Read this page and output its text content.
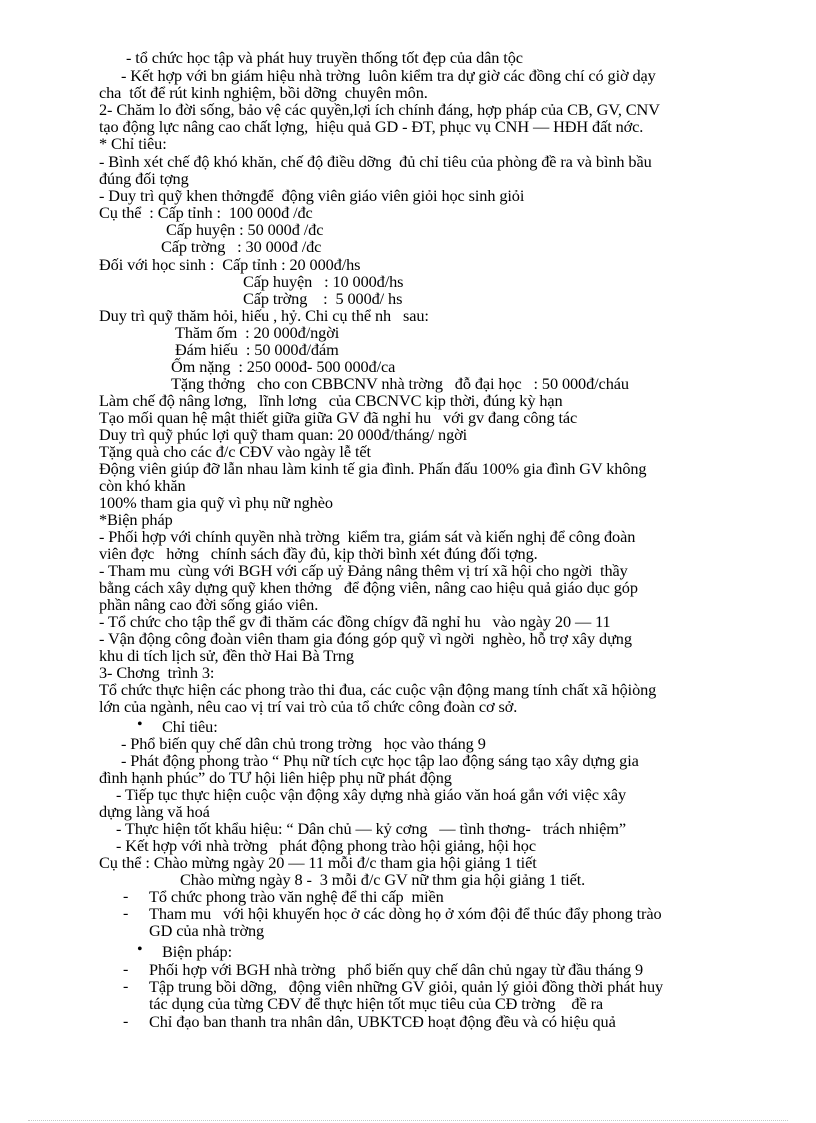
- tổ chức học tập và phát huy truyền thống tốt đẹp của dân tộc
- Kết hợp với bn giám hiệu nhà trờng  luôn kiểm tra dự giờ các đồng chí có giờ dạy
cha  tốt để rút kinh nghiệm, bồi dỡng  chuyên môn.
2- Chăm lo đời sống, bảo vệ các quyền,lợi ích chính đáng, hợp pháp của CB, GV, CNV
tạo động lực nâng cao chất lợng,  hiệu quả GD - ĐT, phục vụ CNH — HĐH đất nớc.
* Chỉ tiêu:
- Bình xét chế độ khó khăn, chế độ điều dỡng  đủ chỉ tiêu của phòng đề ra và bình bầu
đúng đối tợng
- Duy trì quỹ khen thởngđể  động viên giáo viên giỏi học sinh giỏi
Cụ thể  : Cấp tỉnh :  100 000đ /đc
Cấp huyện : 50 000đ /đc
Cấp trờng   : 30 000đ /đc
Đối với học sinh :  Cấp tỉnh : 20 000đ/hs
Cấp huyện   : 10 000đ/hs
Cấp trờng    :  5 000đ/ hs
Duy trì quỹ thăm hỏi, hiếu , hỷ. Chi cụ thể nh   sau:
Thăm ốm  : 20 000đ/ngời
Đám hiếu  : 50 000đ/đám
Ốm nặng  : 250 000đ- 500 000đ/ca
Tặng thởng   cho con CBBCNV nhà trờng   đỗ đại học   : 50 000đ/cháu
Làm chế độ nâng lơng,   lĩnh lơng   của CBCNVC kịp thời, đúng kỳ hạn
Tạo mối quan hệ mật thiết giữa giữa GV đã nghỉ hu   với gv đang công tác
Duy trì quỹ phúc lợi quỹ tham quan: 20 000đ/tháng/ ngời
Tặng quà cho các đ/c CĐV vào ngày lễ tết
Động viên giúp đỡ lẫn nhau làm kinh tế gia đình. Phấn đấu 100% gia đình GV không
còn khó khăn
100% tham gia quỹ vì phụ nữ nghèo
*Biện pháp
- Phối hợp với chính quyền nhà trờng  kiểm tra, giám sát và kiến nghị để công đoàn
viên đợc   hởng   chính sách đầy đủ, kịp thời bình xét đúng đối tợng.
- Tham mu  cùng với BGH với cấp uỷ Đảng nâng thêm vị trí xã hội cho ngời  thầy
bằng cách xây dựng quỹ khen thởng   để động viên, nâng cao hiệu quả giáo dục góp
phần nâng cao đời sống giáo viên.
- Tổ chức cho tập thể gv đi thăm các đồng chígv đã nghỉ hu   vào ngày 20 — 11
- Vận động công đoàn viên tham gia đóng góp quỹ vì ngời  nghèo, hỗ trợ xây dựng
khu di tích lịch sử, đền thờ Hai Bà Trng
3- Chơng  trình 3:
Tổ chức thực hiện các phong trào thi đua, các cuộc vận động mang tính chất xã hộiòng
lớn của ngành, nêu cao vị trí vai trò của tổ chức công đoàn cơ sở.
• Chỉ tiêu:
- Phổ biến quy chế dân chủ trong trờng   học vào tháng 9
- Phát động phong trào “ Phụ nữ tích cực học tập lao động sáng tạo xây dựng gia
đình hạnh phúc” do TƯ hội liên hiệp phụ nữ phát động
- Tiếp tục thực hiện cuộc vận động xây dựng nhà giáo văn hoá gắn với việc xây
dựng làng vă hoá
- Thực hiện tốt khẩu hiệu: “ Dân chủ — kỷ cơng   — tình thơng-   trách nhiệm”
- Kết hợp với nhà trờng   phát động phong trào hội giảng, hội học
Cụ thể : Chào mừng ngày 20 — 11 mỗi đ/c tham gia hội giảng 1 tiết
Chào mừng ngày 8 -  3 mỗi đ/c GV nữ thm gia hội giảng 1 tiết.
- Tổ chức phong trào văn nghệ để thi cấp  miền
- Tham mu   với hội khuyến học ở các dòng họ ở xóm đội để thúc đẩy phong trào
GD của nhà trờng
• Biện pháp:
- Phối hợp với BGH nhà trờng   phổ biến quy chế dân chủ ngay từ đầu tháng 9
- Tập trung bồi dỡng,   động viên những GV giỏi, quản lý giỏi đồng thời phát huy
tác dụng của từng CĐV để thực hiện tốt mục tiêu của CĐ trờng    đề ra
- Chỉ đạo ban thanh tra nhân dân, UBKTCĐ hoạt động đều và có hiệu quả
